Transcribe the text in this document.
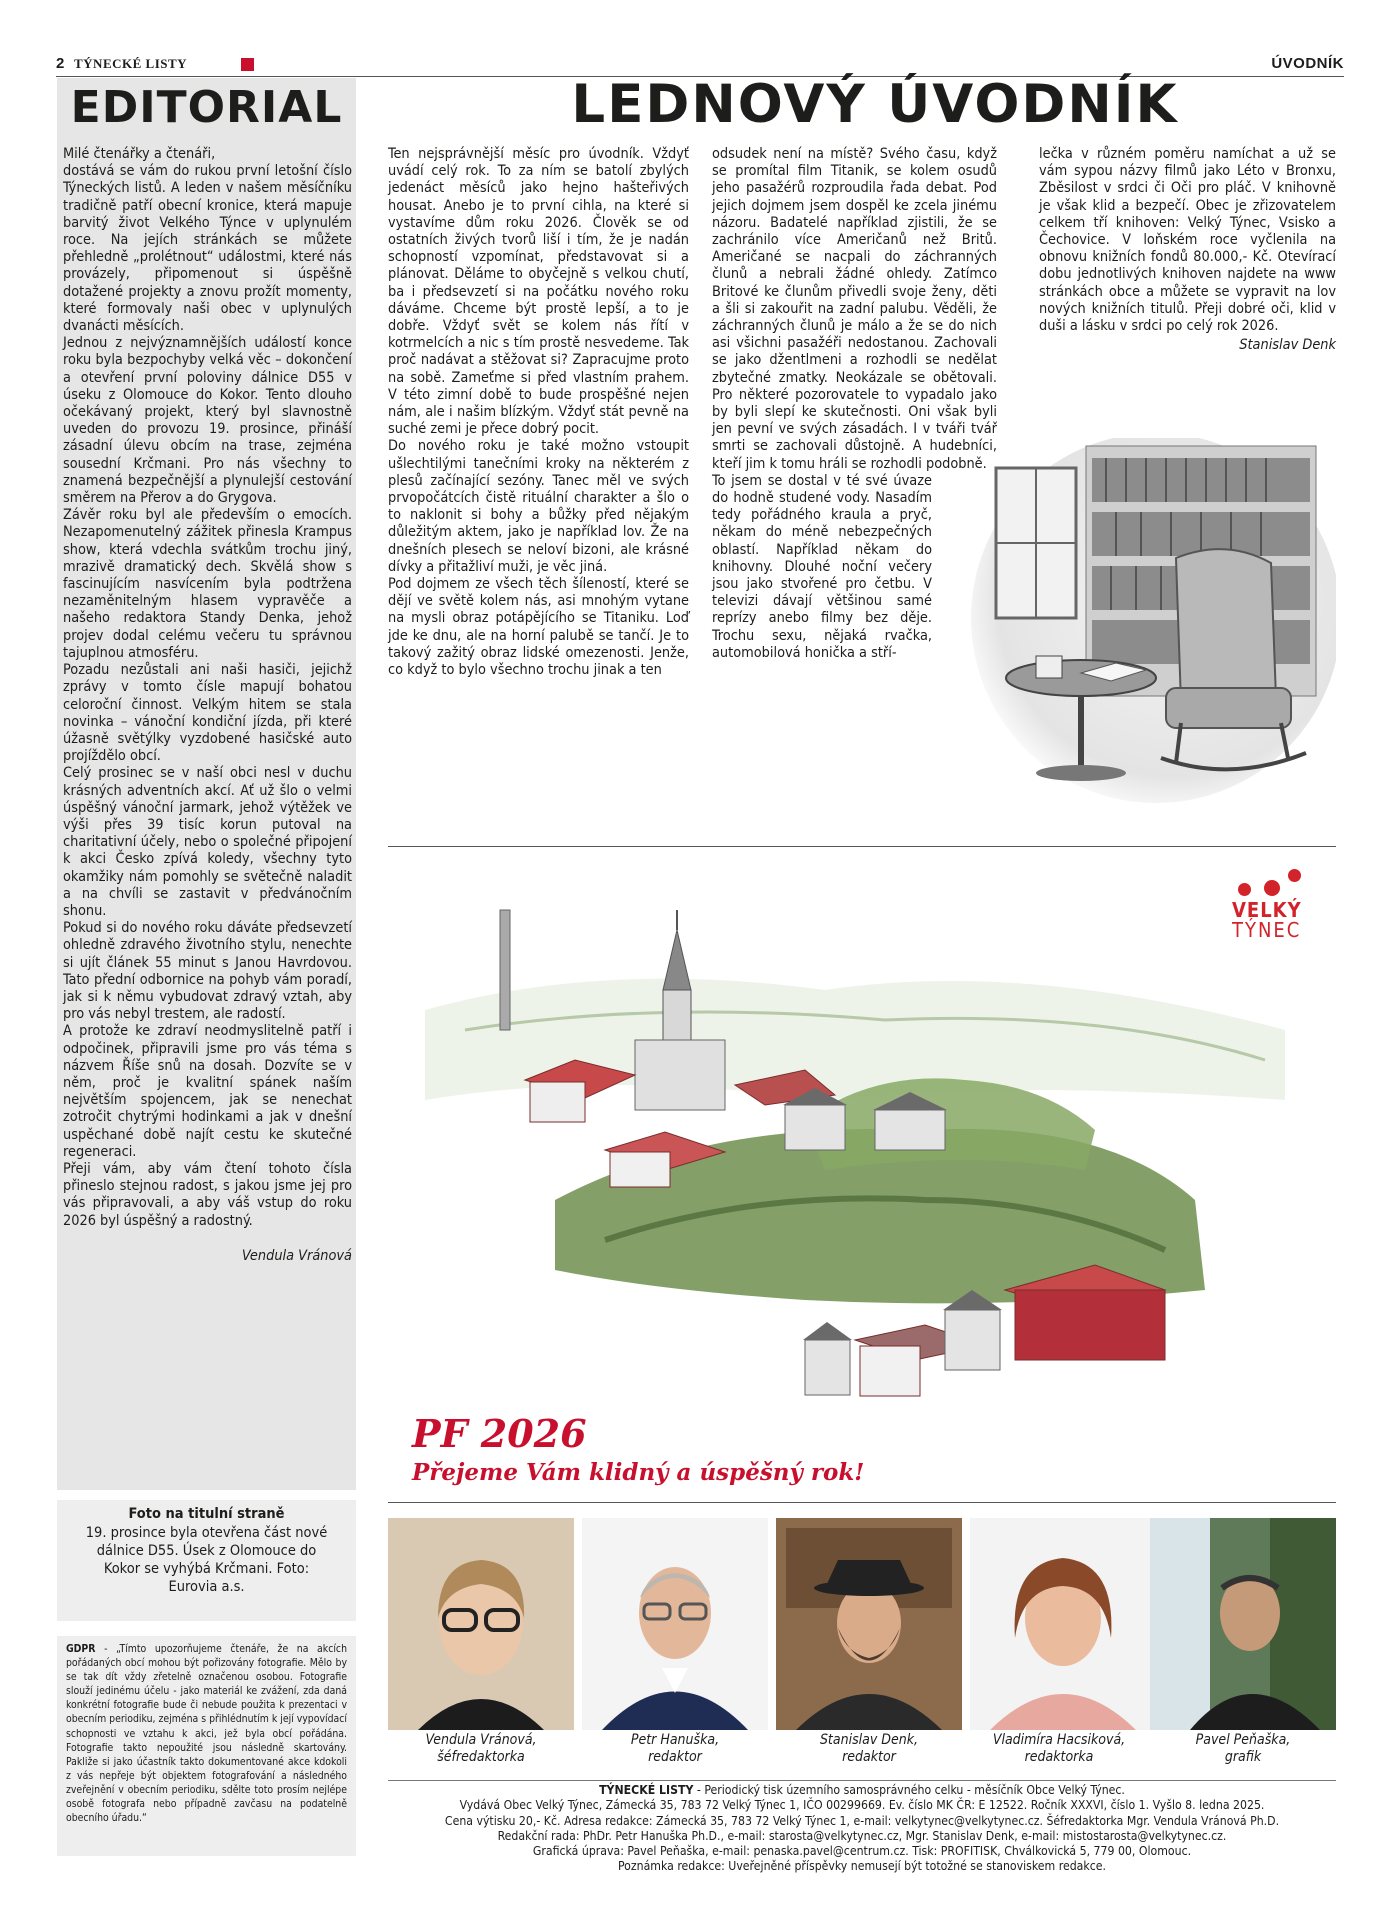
2 TÝNECKÉ LISTY	ÚVODNÍK
EDITORIAL

Milé čtenářky a čtenáři,
dostává se vám do rukou první letošní číslo Týneckých listů. A leden v našem měsíčníku tradičně patří obecní kronice, která mapuje barvitý život Velkého Týnce v uplynulém roce. Na jejích stránkách se můžete přehledně „prolétnout“ událostmi, které nás provázely, připomenout si úspěšně dotažené projekty a znovu prožít momenty, které formovaly naši obec v uplynulých dvanácti měsících.

Jednou z nejvýznamnějších událostí konce roku byla bezpochyby velká věc – dokončení a otevření první poloviny dálnice D55 v úseku z Olomouce do Kokor. Tento dlouho očekávaný projekt, který byl slavnostně uveden do provozu 19. prosince, přináší zásadní úlevu obcím na trase, zejména sousední Krčmani. Pro nás všechny to znamená bezpečnější a plynulejší cestování směrem na Přerov a do Grygova.

Závěr roku byl ale především o emocích. Nezapomenutelný zážitek přinesla Krampus show, která vdechla svátkům trochu jiný, mrazivě dramatický dech. Skvělá show s fascinujícím nasvícením byla podtržena nezaměnitelným hlasem vypravěče a našeho redaktora Standy Denka, jehož projev dodal celému večeru tu správnou tajuplnou atmosféru.

Pozadu nezůstali ani naši hasiči, jejichž zprávy v tomto čísle mapují bohatou celoroční činnost. Velkým hitem se stala novinka – vánoční kondiční jízda, při které úžasně světýlky vyzdobené hasičské auto projíždělo obcí.

Celý prosinec se v naší obci nesl v duchu krásných adventních akcí. Ať už šlo o velmi úspěšný vánoční jarmark, jehož výtěžek ve výši přes 39 tisíc korun putoval na charitativní účely, nebo o společné připojení k akci Česko zpívá koledy, všechny tyto okamžiky nám pomohly se světečně naladit a na chvíli se zastavit v předvánočním shonu.

Pokud si do nového roku dáváte předsevzetí ohledně zdravého životního stylu, nenechte si ujít článek 55 minut s Janou Havrdovou. Tato přední odbornice na pohyb vám poradí, jak si k němu vybudovat zdravý vztah, aby pro vás nebyl trestem, ale radostí.

A protože ke zdraví neodmyslitelně patří i odpočinek, připravili jsme pro vás téma s názvem Říše snů na dosah. Dozvíte se v něm, proč je kvalitní spánek naším největším spojencem, jak se nenechat zotročit chytrými hodinkami a jak v dnešní uspěchané době najít cestu ke skutečné regeneraci.

Přeji vám, aby vám čtení tohoto čísla přineslo stejnou radost, s jakou jsme jej pro vás připravovali, a aby váš vstup do roku 2026 byl úspěšný a radostný.

Vendula Vránová

Foto na titulní straně
19. prosince byla otevřena část nové dálnice D55. Úsek z Olomouce do Kokor se vyhýbá Krčmani. Foto: Eurovia a.s.
GDPR - „Tímto upozorňujeme čtenáře, že na akcích pořádaných obcí mohou být pořizovány fotografie. Mělo by se tak dít vždy zřetelně označenou osobou. Fotografie slouží jedinému účelu - jako materiál ke zvážení, zda daná konkrétní fotografie bude či nebude použita k prezentaci v obecním periodiku, zejména s přihlédnutím k její vypovídací schopnosti ve vztahu k akci, jež byla obcí pořádána. Fotografie takto nepoužité jsou následně skartovány. Pakliže si jako účastník takto dokumentované akce kdokoli z vás nepřeje být objektem fotografování a následného zveřejnění v obecním periodiku, sdělte toto prosím nejlépe osobě fotografa nebo případně zavčasu na podatelně obecního úřadu.“
LEDNOVÝ ÚVODNÍK

Ten nejsprávnější měsíc pro úvodník. Vždyť uvádí celý rok. To za ním se batolí zbylých jedenáct měsíců jako hejno hašteřivých housat. Anebo je to první cihla, na které si vystavíme dům roku 2026. Člověk se od ostatních živých tvorů liší i tím, že je nadán schopností vzpomínat, představovat si a plánovat. Děláme to obyčejně s velkou chutí, ba i předsevzetí si na počátku nového roku dáváme. Chceme být prostě lepší, a to je dobře. Vždyť svět se kolem nás řítí v kotrmelcích a nic s tím prostě nesvedeme. Tak proč nadávat a stěžovat si? Zapracujme proto na sobě. Zameťme si před vlastním prahem. V této zimní době to bude prospěšné nejen nám, ale i našim blízkým. Vždyť stát pevně na suché zemi je přece dobrý pocit.

Do nového roku je také možno vstoupit ušlechtilými tanečními kroky na některém z plesů začínající sezóny. Tanec měl ve svých prvopočátcích čistě rituální charakter a šlo o to naklonit si bohy a bůžky před nějakým důležitým aktem, jako je například lov. Že na dnešních plesech se neloví bizoni, ale krásné dívky a přitažliví muži, je věc jiná.

Pod dojmem ze všech těch šíleností, které se dějí ve světě kolem nás, asi mnohým vytane na mysli obraz potápějícího se Titaniku. Loď jde ke dnu, ale na horní palubě se tančí. Je to takový zažitý obraz lidské omezenosti. Jenže, co když to bylo všechno trochu jinak a ten

odsudek není na místě? Svého času, když se promítal film Titanik, se kolem osudů jeho pasažérů rozproudila řada debat. Pod jejich dojmem jsem dospěl ke zcela jinému názoru. Badatelé například zjistili, že se zachránilo více Američanů než Britů. Američané se nacpali do záchranných člunů a nebrali žádné ohledy. Zatímco Britové ke člunům přivedli svoje ženy, děti a šli si zakouřit na zadní palubu. Věděli, že záchranných člunů je málo a že se do nich asi všichni pasažéři nedostanou. Zachovali se jako džentlmeni a rozhodli se nedělat zbytečné zmatky. Neokázale se obětovali. Pro některé pozorovatele to vypadalo jako by byli slepí ke skutečnosti. Oni však byli jen pevní ve svých zásadách. I v tváři tvář smrti se zachovali důstojně. A hudebníci, kteří jim k tomu hráli se rozhodli podobně.

To jsem se dostal v té své úvaze do hodně studené vody. Nasadím tedy pořádného kraula a pryč, někam do méně nebezpečných oblastí. Například někam do knihovny. Dlouhé noční večery jsou jako stvořené pro četbu. V televizi dávají většinou samé reprízy anebo filmy bez děje. Trochu sexu, nějaká rvačka, automobilová honička a stří-

lečka v různém poměru namíchat a už se vám sypou názvy filmů jako Léto v Bronxu, Zběsilost v srdci či Oči pro pláč. V knihovně je však klid a bezpečí. Obec je zřizovatelem celkem tří knihoven: Velký Týnec, Vsisko a Čechovice. V loňském roce vyčlenila na obnovu knižních fondů 80.000,- Kč. Otevírací dobu jednotlivých knihoven najdete na www stránkách obce a můžete se vypravit na lov nových knižních titulů. Přeji dobré oči, klid v duši a lásku v srdci po celý rok 2026.

Stanislav Denk

VELKÝ
TÝNEC
PF 2026
Přejeme Vám klidný a úspěšný rok!
Vendula Vránová,
šéfredaktorka
Petr Hanuška,
redaktor
Stanislav Denk,
redaktor
Vladimíra Hacsiková,
redaktorka
Pavel Peňaška,
grafik
TÝNECKÉ LISTY - Periodický tisk územního samosprávného celku - měsíčník Obce Velký Týnec.
Vydává Obec Velký Týnec, Zámecká 35, 783 72 Velký Týnec 1, IČO 00299669. Ev. číslo MK ČR: E 12522. Ročník XXXVI, číslo 1. Vyšlo 8. ledna 2025.
Cena výtisku 20,- Kč. Adresa redakce: Zámecká 35, 783 72 Velký Týnec 1, e-mail: velkytynec@velkytynec.cz. Šéfredaktorka Mgr. Vendula Vránová Ph.D.
Redakční rada: PhDr. Petr Hanuška Ph.D., e-mail: starosta@velkytynec.cz, Mgr. Stanislav Denk, e-mail: mistostarosta@velkytynec.cz.
Grafická úprava: Pavel Peňaška, e-mail: penaska.pavel@centrum.cz. Tisk: PROFITISK, Chválkovická 5, 779 00, Olomouc.
Poznámka redakce: Uveřejněné příspěvky nemusejí být totožné se stanoviskem redakce.
